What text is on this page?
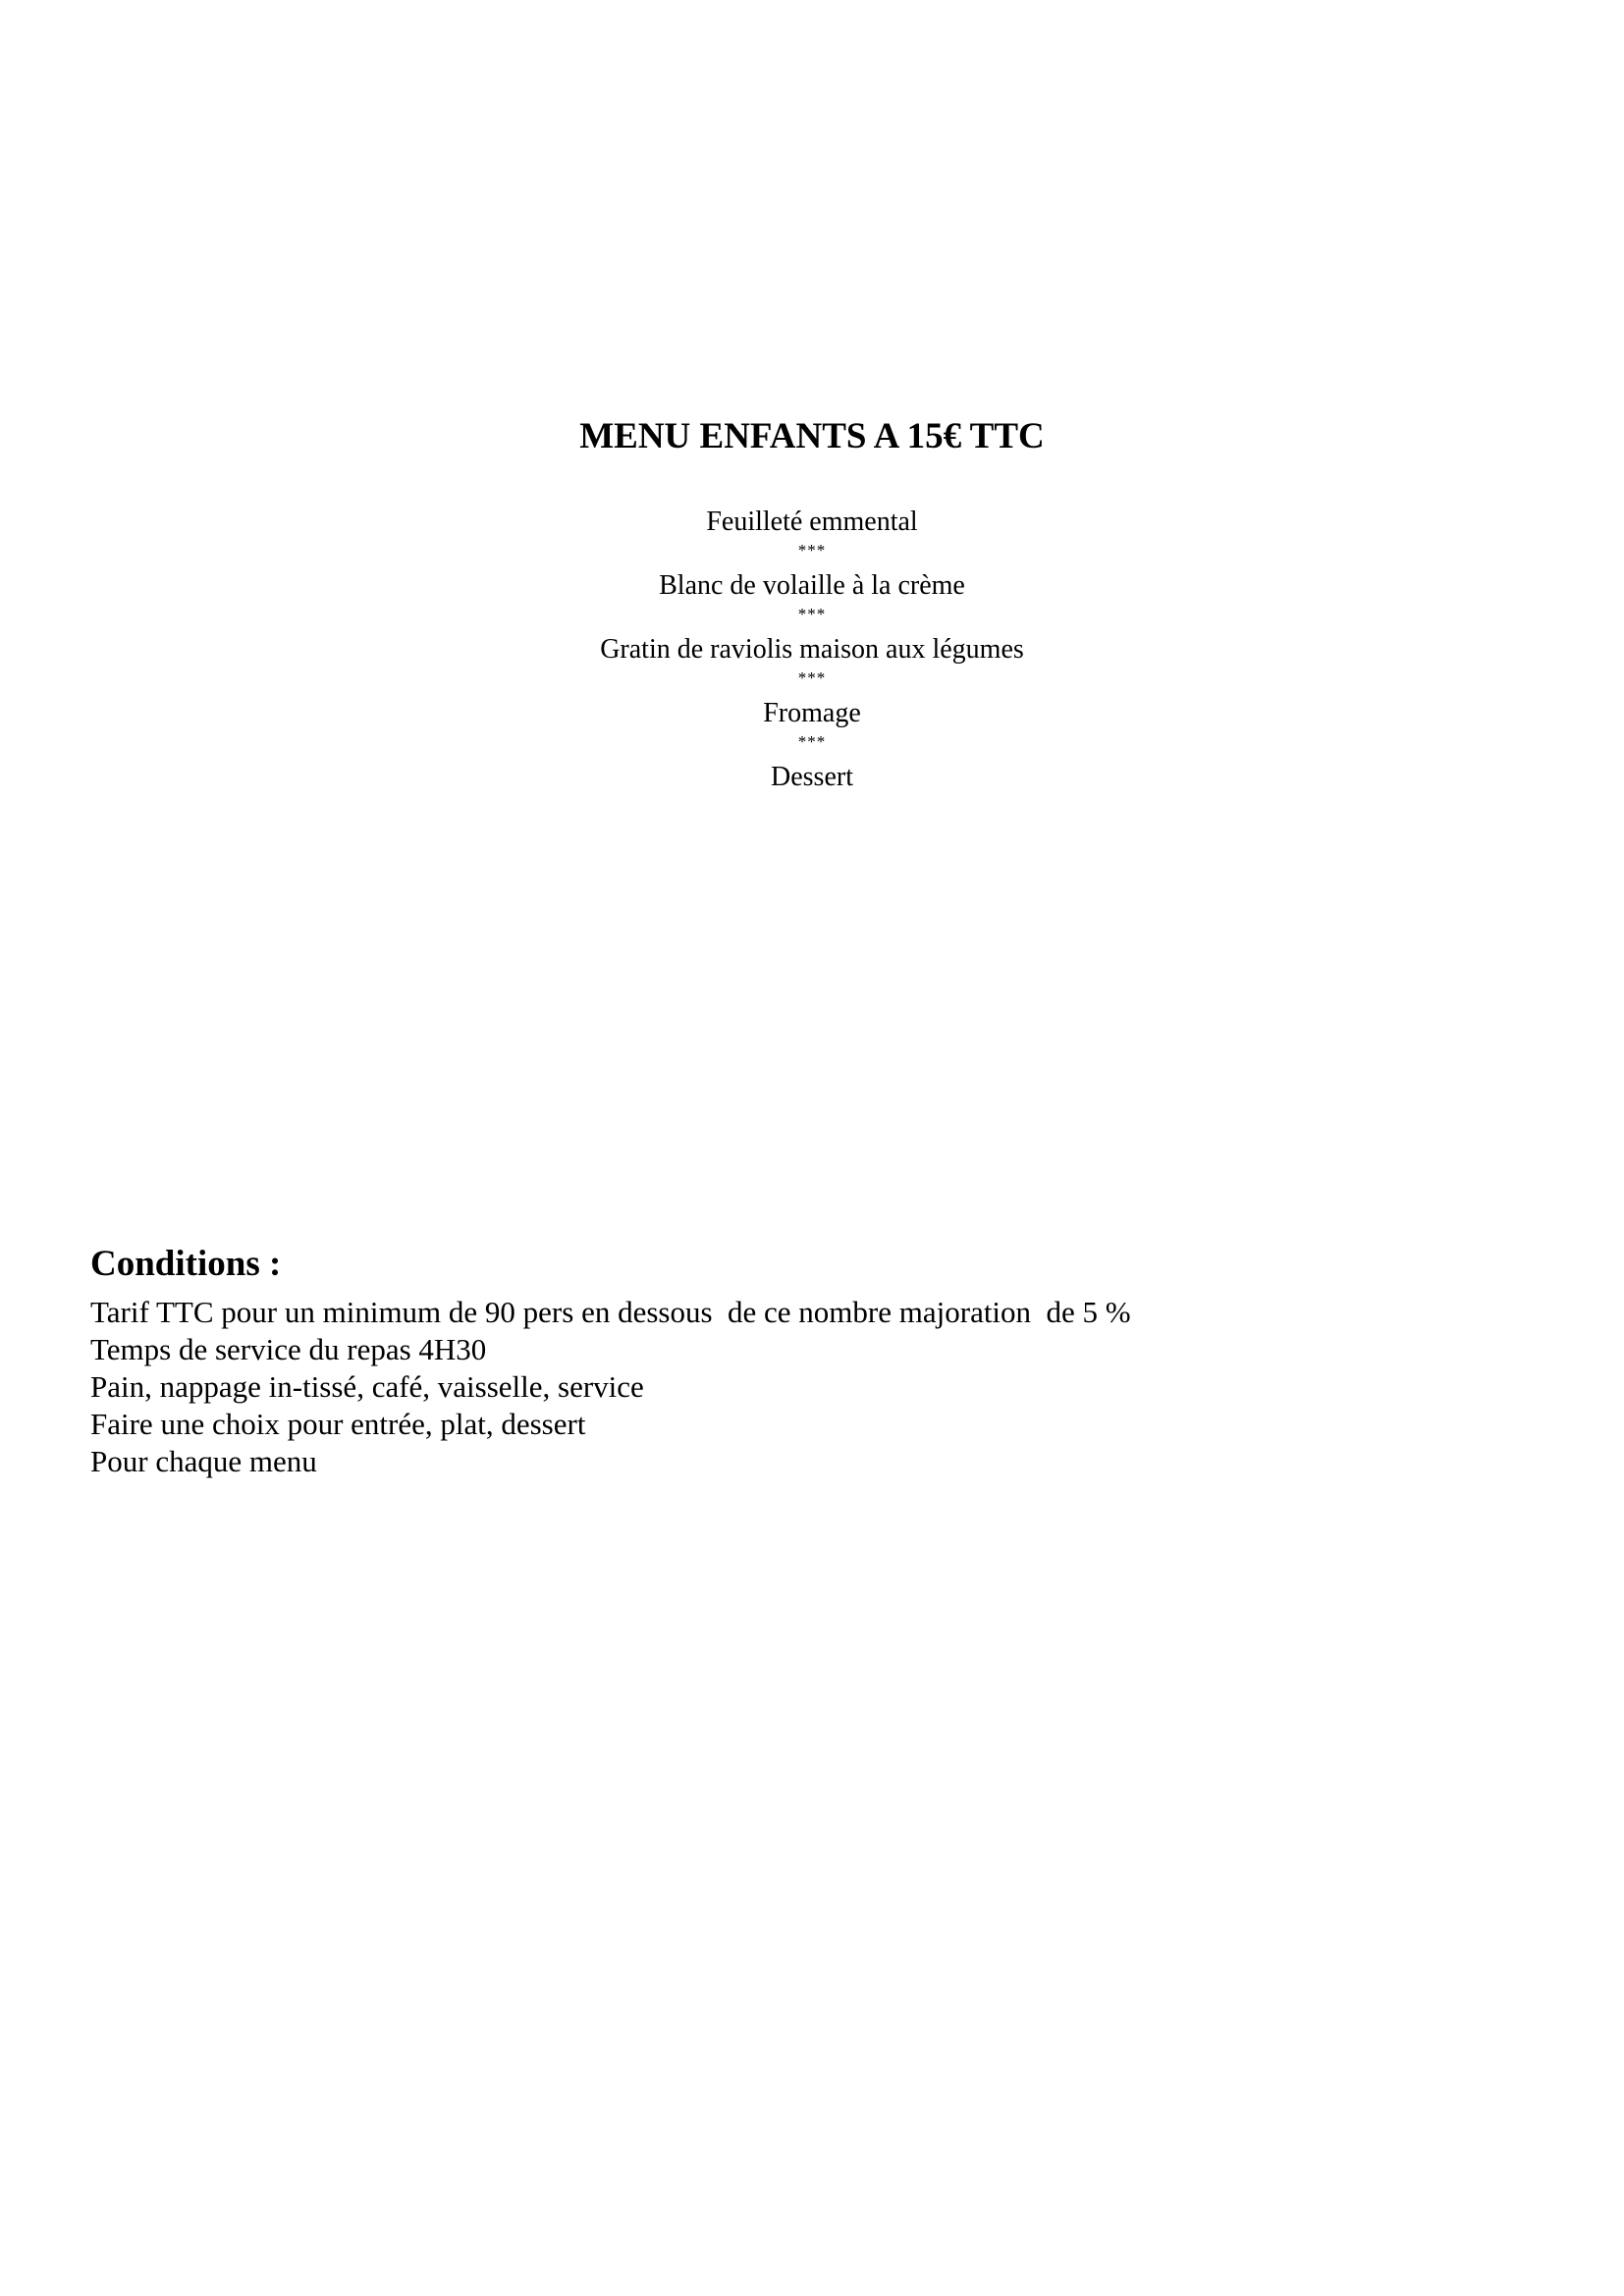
MENU ENFANTS A 15€ TTC
Feuilleté emmental
***
Blanc de volaille à la crème
***
Gratin de raviolis maison aux légumes
***
Fromage
***
Dessert
Conditions :
Tarif TTC pour un minimum de 90 pers en dessous  de ce nombre majoration  de 5 %
Temps de service du repas 4H30
Pain, nappage in-tissé, café, vaisselle, service
Faire une choix pour entrée, plat, dessert
Pour chaque menu
